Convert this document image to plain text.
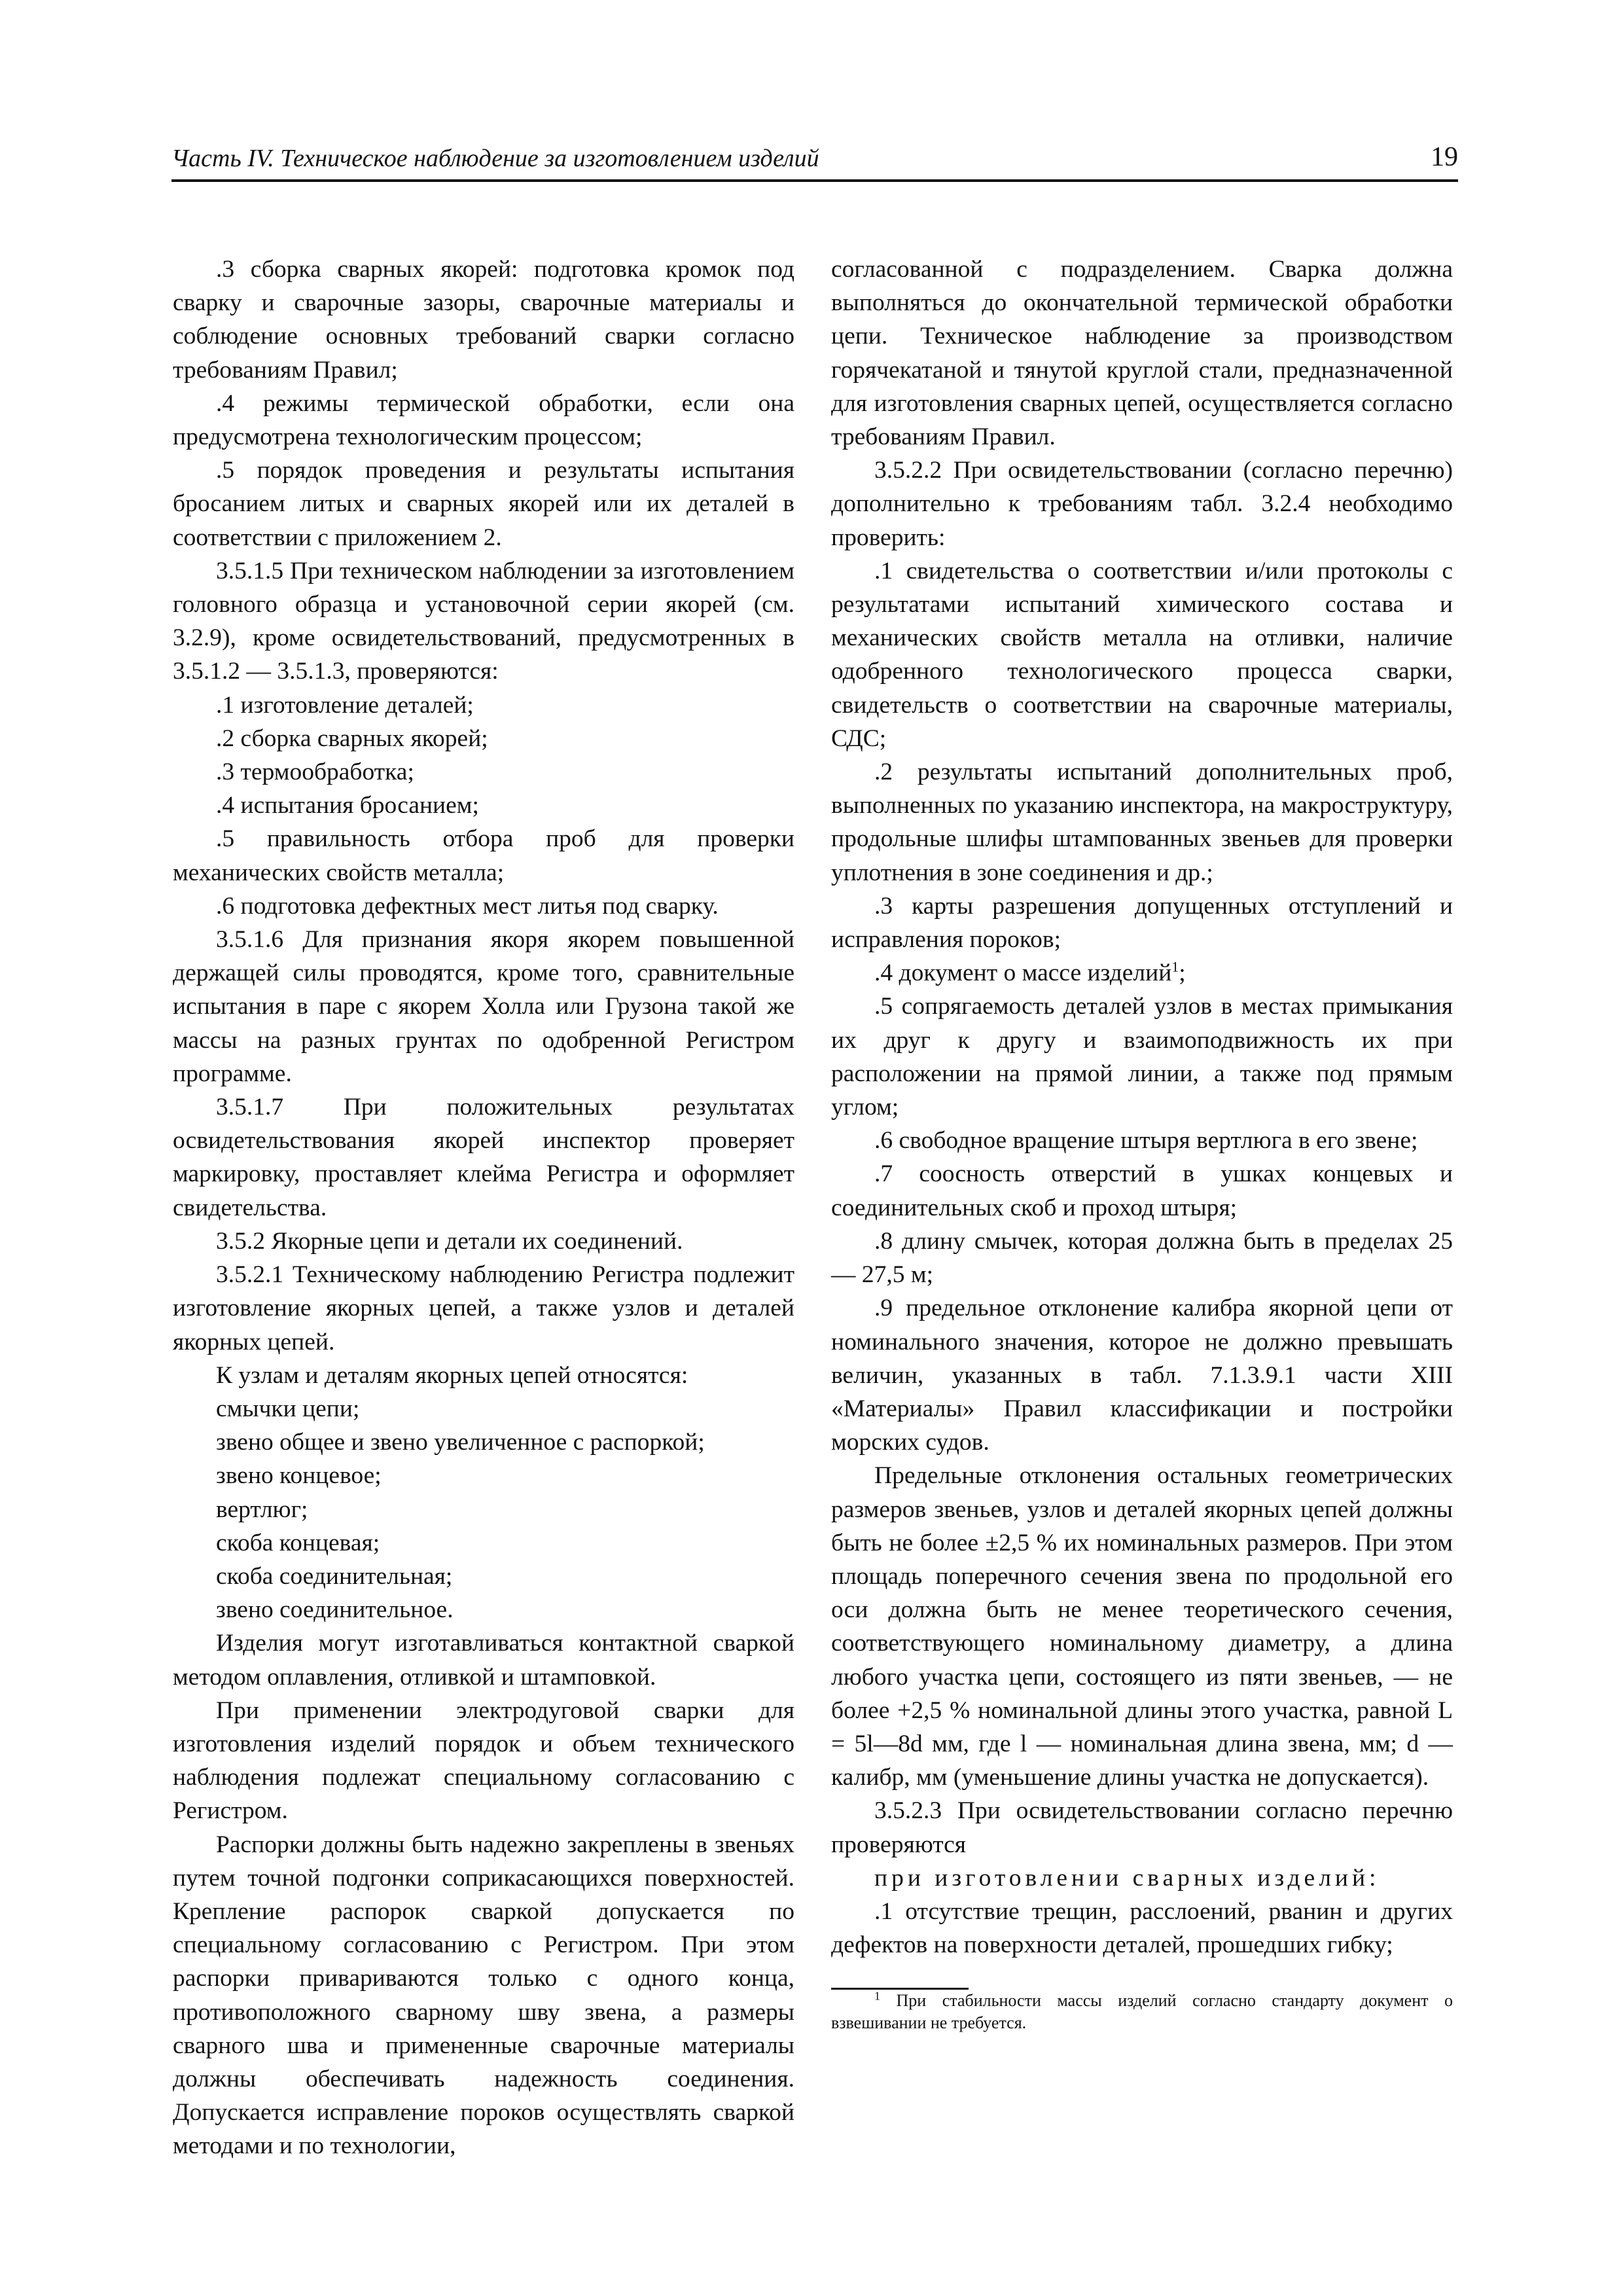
Часть IV. Техническое наблюдение за изготовлением изделий	19

.3 сборка сварных якорей: подготовка кромок под сварку и сварочные зазоры, сварочные материалы и соблюдение основных требований сварки согласно требованиям Правил;

.4 режимы термической обработки, если она предусмотрена технологическим процессом;

.5 порядок проведения и результаты испытания бросанием литых и сварных якорей или их деталей в соответствии с приложением 2.

3.5.1.5 При техническом наблюдении за изготовлением головного образца и установочной серии якорей (см. 3.2.9), кроме освидетельствований, предусмотренных в 3.5.1.2 — 3.5.1.3, проверяются:

.1 изготовление деталей;

.2 сборка сварных якорей;

.3 термообработка;

.4 испытания бросанием;

.5 правильность отбора проб для проверки механических свойств металла;

.6 подготовка дефектных мест литья под сварку.

3.5.1.6 Для признания якоря якорем повышенной держащей силы проводятся, кроме того, сравнительные испытания в паре с якорем Холла или Грузона такой же массы на разных грунтах по одобренной Регистром программе.

3.5.1.7 При положительных результатах освидетельствования якорей инспектор проверяет маркировку, проставляет клейма Регистра и оформляет свидетельства.

3.5.2 Якорные цепи и детали их соединений.

3.5.2.1 Техническому наблюдению Регистра подлежит изготовление якорных цепей, а также узлов и деталей якорных цепей.

К узлам и деталям якорных цепей относятся:

смычки цепи;

звено общее и звено увеличенное с распоркой;

звено концевое;

вертлюг;

скоба концевая;

скоба соединительная;

звено соединительное.

Изделия могут изготавливаться контактной сваркой методом оплавления, отливкой и штамповкой.

При применении электродуговой сварки для изготовления изделий порядок и объем технического наблюдения подлежат специальному согласованию с Регистром.

Распорки должны быть надежно закреплены в звеньях путем точной подгонки соприкасающихся поверхностей. Крепление распорок сваркой допускается по специальному согласованию с Регистром. При этом распорки привариваются только с одного конца, противоположного сварному шву звена, а размеры сварного шва и примененные сварочные материалы должны обеспечивать надежность соединения. Допускается исправление пороков осуществлять сваркой методами и по технологии,

согласованной с подразделением. Сварка должна выполняться до окончательной термической обработки цепи. Техническое наблюдение за производством горячекатаной и тянутой круглой стали, предназначенной для изготовления сварных цепей, осуществляется согласно требованиям Правил.

3.5.2.2 При освидетельствовании (согласно перечню) дополнительно к требованиям табл. 3.2.4 необходимо проверить:

.1 свидетельства о соответствии и/или протоколы с результатами испытаний химического состава и механических свойств металла на отливки, наличие одобренного технологического процесса сварки, свидетельств о соответствии на сварочные материалы, СДС;

.2 результаты испытаний дополнительных проб, выполненных по указанию инспектора, на макроструктуру, продольные шлифы штампованных звеньев для проверки уплотнения в зоне соединения и др.;

.3 карты разрешения допущенных отступлений и исправления пороков;

.4 документ о массе изделий$^1$;

.5 сопрягаемость деталей узлов в местах примыкания их друг к другу и взаимоподвижность их при расположении на прямой линии, а также под прямым углом;

.6 свободное вращение штыря вертлюга в его звене;

.7 соосность отверстий в ушках концевых и соединительных скоб и проход штыря;

.8 длину смычек, которая должна быть в пределах 25 — 27,5 м;

.9 предельное отклонение калибра якорной цепи от номинального значения, которое не должно превышать величин, указанных в табл. 7.1.3.9.1 части XIII «Материалы» Правил классификации и постройки морских судов.

Предельные отклонения остальных геометрических размеров звеньев, узлов и деталей якорных цепей должны быть не более ±2,5 % их номинальных размеров. При этом площадь поперечного сечения звена по продольной его оси должна быть не менее теоретического сечения, соответствующего номинальному диаметру, а длина любого участка цепи, состоящего из пяти звеньев, — не более +2,5 % номинальной длины этого участка, равной L = 5l—8d мм, где l — номинальная длина звена, мм; d — калибр, мм (уменьшение длины участка не допускается).

3.5.2.3 При освидетельствовании согласно перечню проверяются

при изготовлении сварных изделий:

.1 отсутствие трещин, расслоений, рванин и других дефектов на поверхности деталей, прошедших гибку;

$^1$ При стабильности массы изделий согласно стандарту документ о взвешивании не требуется.
